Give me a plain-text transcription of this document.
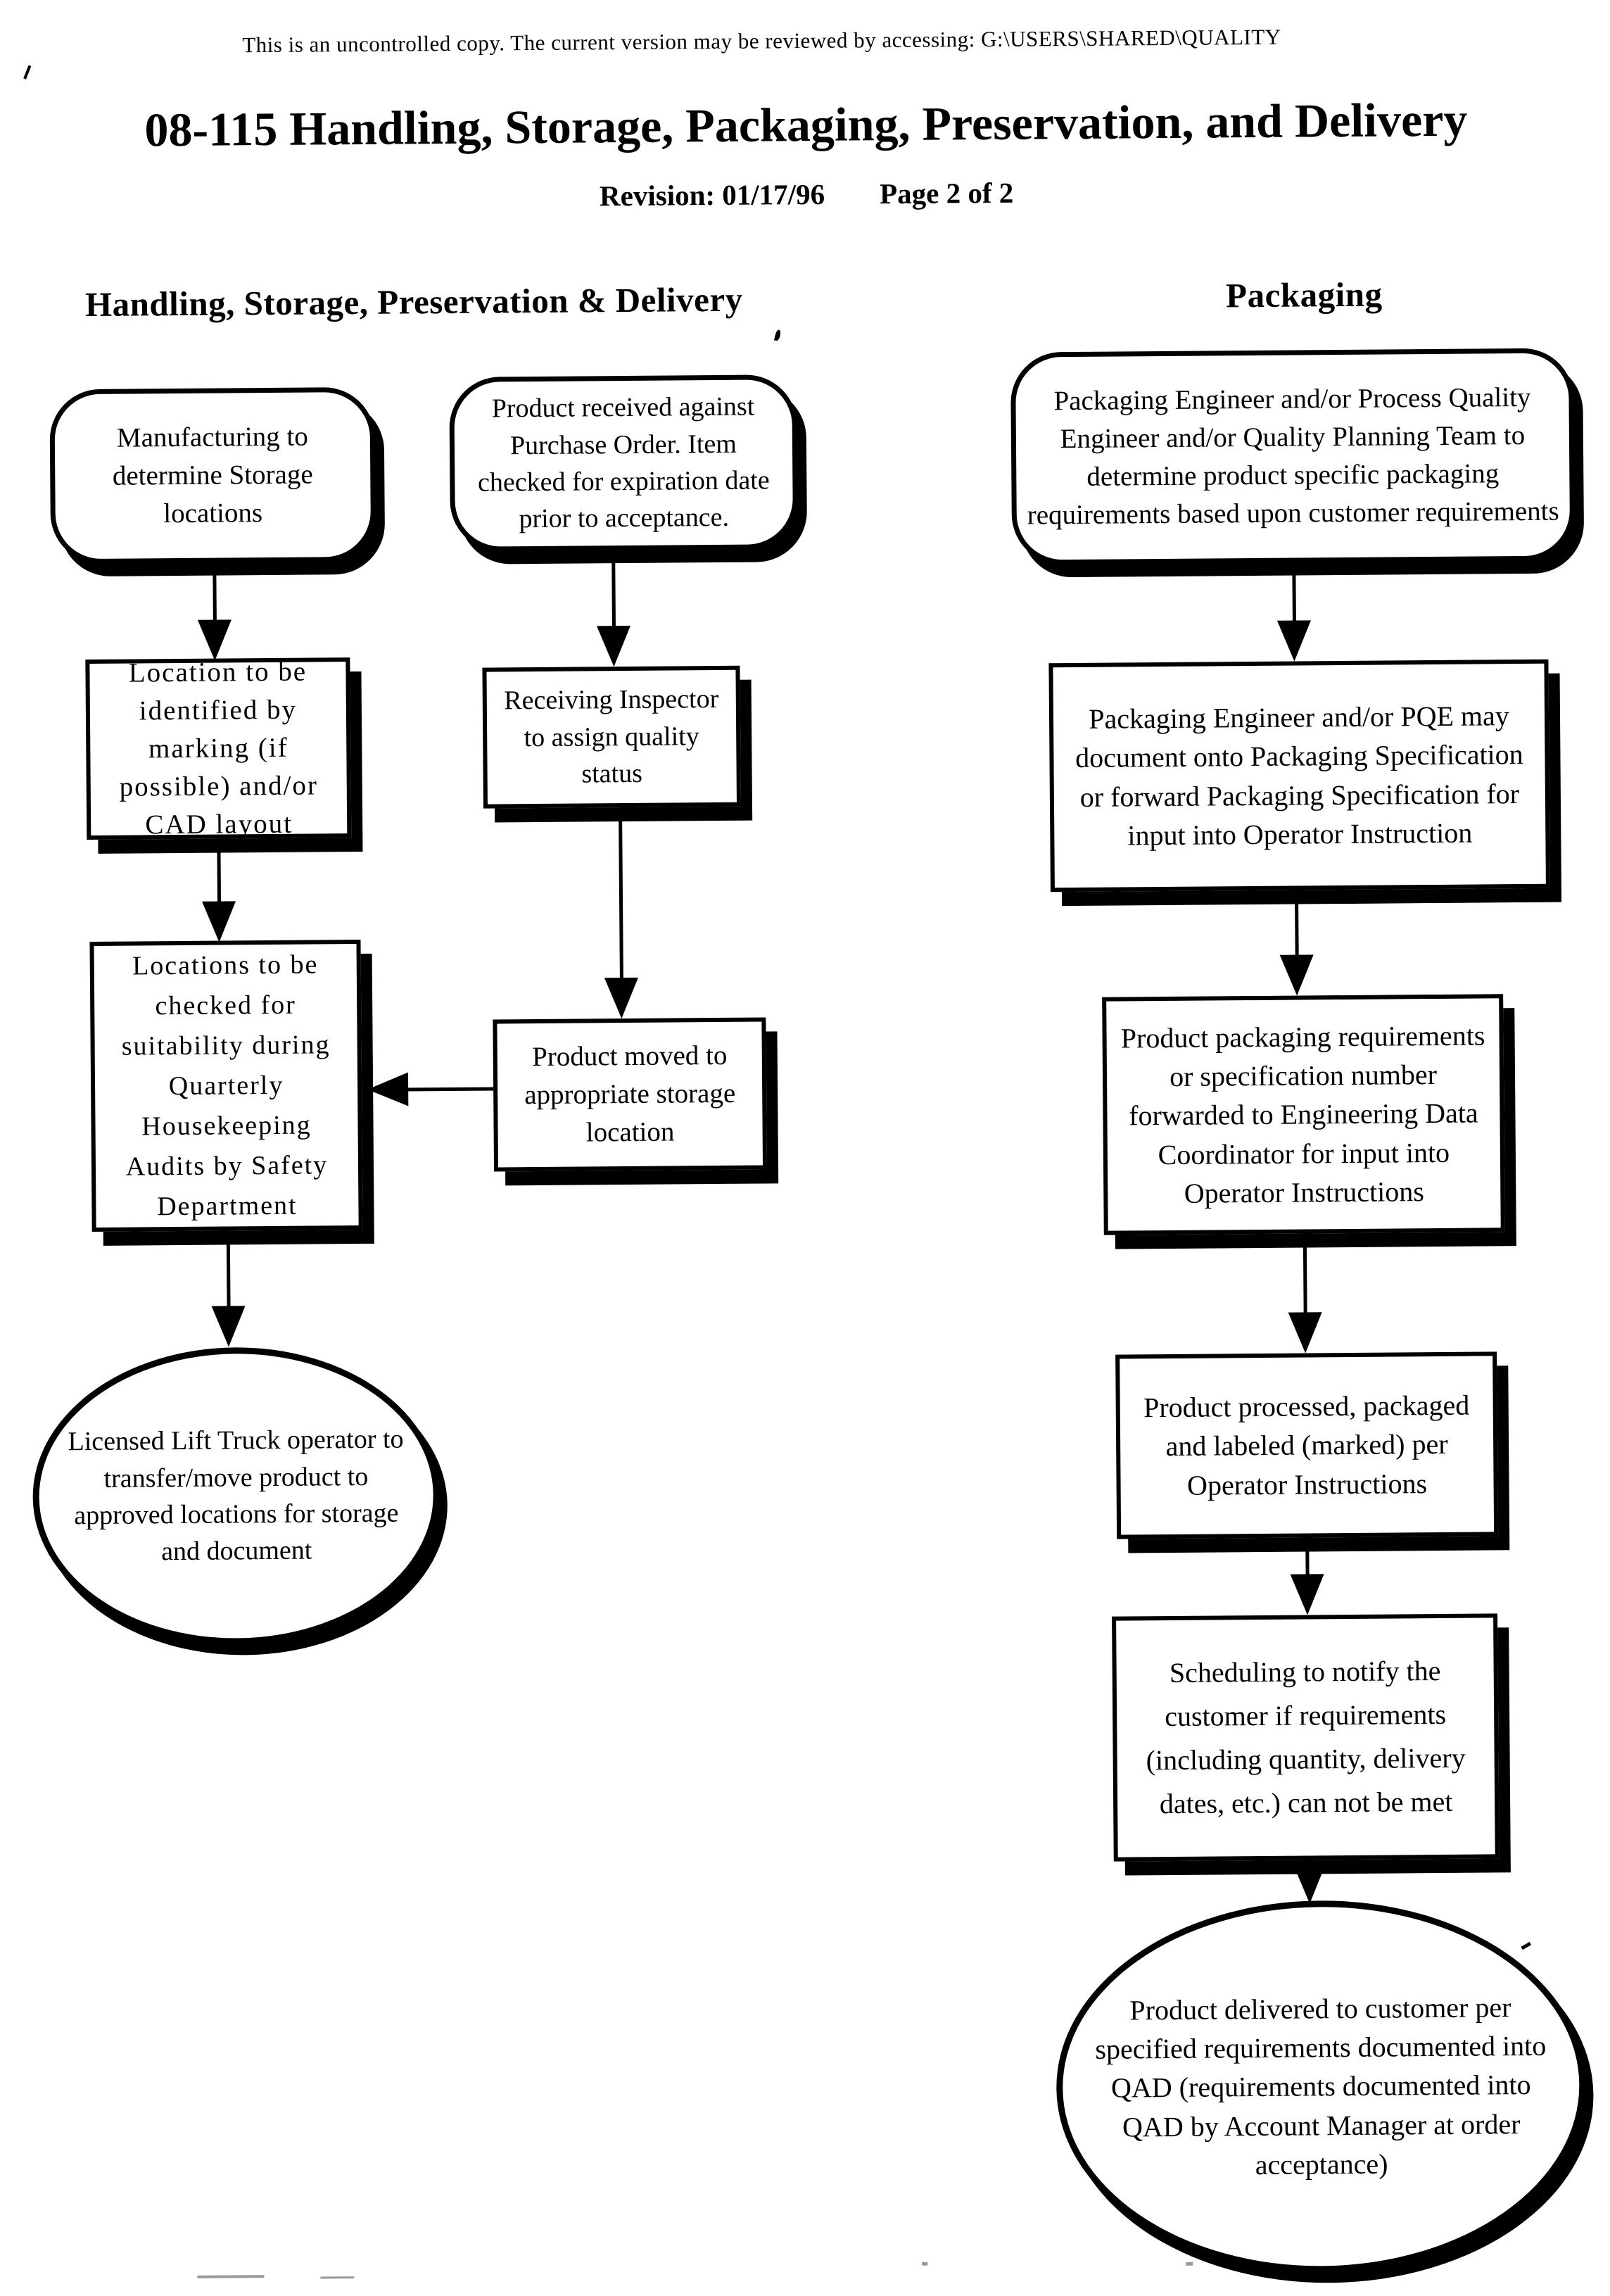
This is an uncontrolled copy. The current version may be reviewed by accessing: G:\USERS\SHARED\QUALITY
08-115 Handling, Storage, Packaging, Preservation, and Delivery
Revision: 01/17/96 Page 2 of 2
Handling, Storage, Preservation & Delivery	Packaging
Manufacturing to determine Storage locations
Location to be identified by marking (if possible) and/or CAD layout
Locations to be checked for suitability during Quarterly Housekeeping Audits by Safety Department
Licensed Lift Truck operator to transfer/move product to approved locations for storage and document
Product received against Purchase Order. Item checked for expiration date prior to acceptance.
Receiving Inspector to assign quality status
Product moved to appropriate storage location
Packaging Engineer and/or Process Quality Engineer and/or Quality Planning Team to determine product specific packaging requirements based upon customer requirements
Packaging Engineer and/or PQE may document onto Packaging Specification or forward Packaging Specification for input into Operator Instruction
Product packaging requirements or specification number forwarded to Engineering Data Coordinator for input into Operator Instructions
Product processed, packaged and labeled (marked) per Operator Instructions
Scheduling to notify the customer if requirements (including quantity, delivery dates, etc.) can not be met
Product delivered to customer per specified requirements documented into QAD (requirements documented into QAD by Account Manager at order acceptance)
